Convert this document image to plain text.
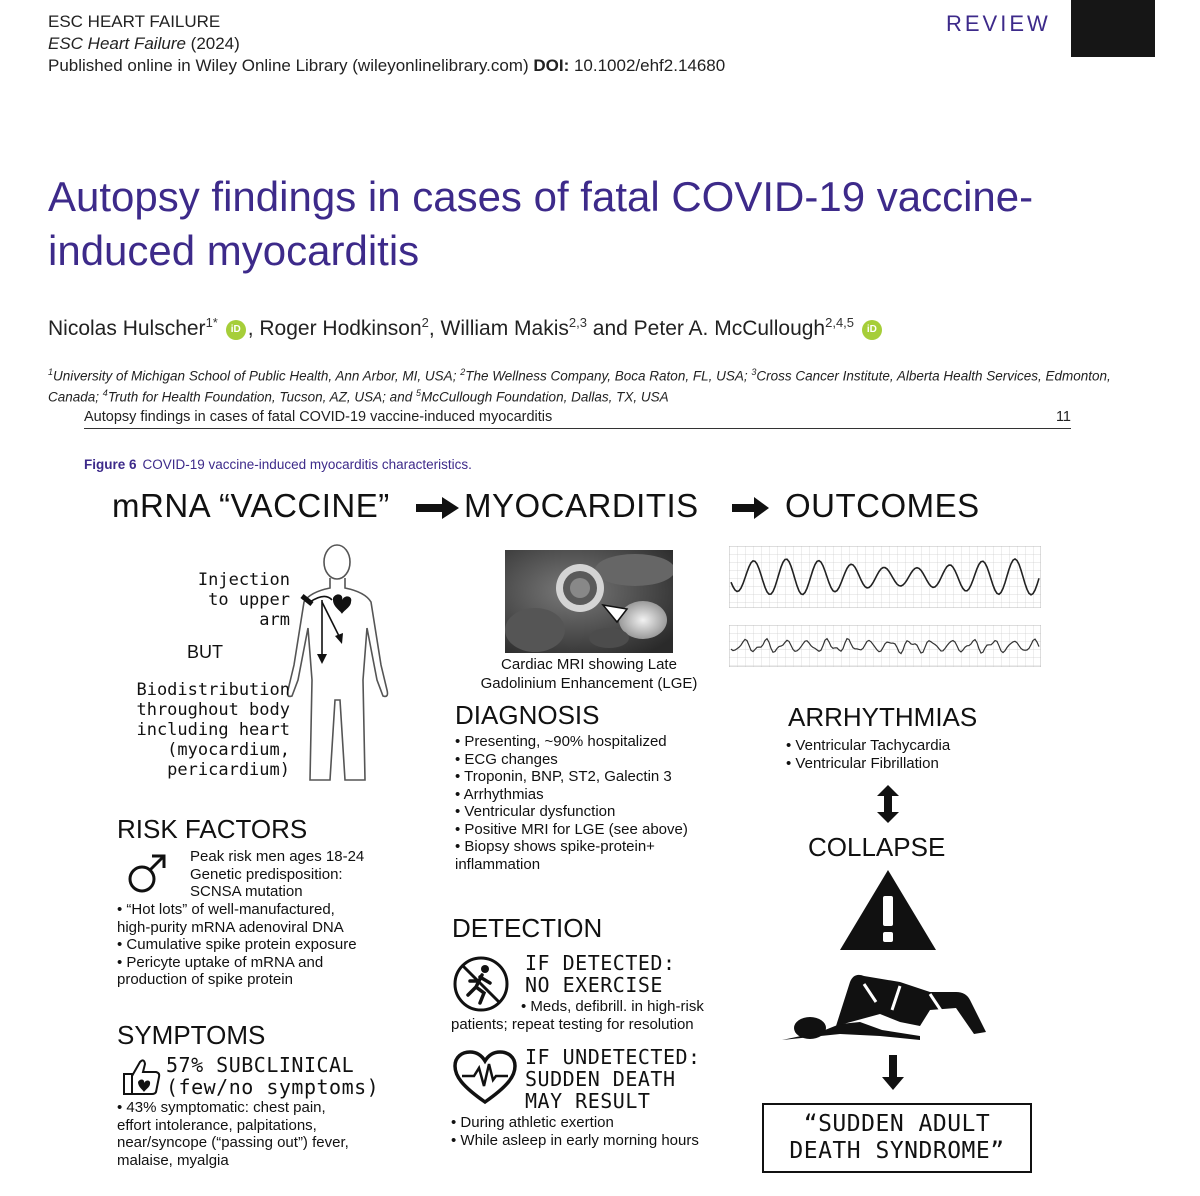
ESC HEART FAILURE
ESC Heart Failure (2024)
Published online in Wiley Online Library (wileyonlinelibrary.com) DOI: 10.1002/ehf2.14680
REVIEW
Autopsy findings in cases of fatal COVID-19 vaccine-induced myocarditis
Nicolas Hulscher$^{1*}$ iD , Roger Hodkinson$^2$, William Makis$^{2,3}$ and Peter A. McCullough$^{2,4,5}$ iD
$^1$University of Michigan School of Public Health, Ann Arbor, MI, USA; $^2$The Wellness Company, Boca Raton, FL, USA; $^3$Cross Cancer Institute, Alberta Health Services, Edmonton, Canada; $^4$Truth for Health Foundation, Tucson, AZ, USA; and $^5$McCullough Foundation, Dallas, TX, USA
Autopsy findings in cases of fatal COVID-19 vaccine-induced myocarditis	11
Figure 6 COVID-19 vaccine-induced myocarditis characteristics.
mRNA “VACCINE” MYOCARDITIS	OUTCOMES
Injection
to upper
arm
BUT
Biodistribution
throughout body
including heart
(myocardium,
pericardium)
RISK FACTORS
Peak risk men ages 18-24
Genetic predisposition:
SCNSA mutation
• “Hot lots” of well-manufactured,
high-purity mRNA adenoviral DNA
• Cumulative spike protein exposure
• Pericyte uptake of mRNA and
production of spike protein
SYMPTOMS
57% SUBCLINICAL
(few/no symptoms)
• 43% symptomatic: chest pain,
effort intolerance, palpitations,
near/syncope (“passing out”) fever,
malaise, myalgia
Cardiac MRI showing Late
Gadolinium Enhancement (LGE)
DIAGNOSIS
• Presenting, ~90% hospitalized
• ECG changes
• Troponin, BNP, ST2, Galectin 3
• Arrhythmias
• Ventricular dysfunction
• Positive MRI for LGE (see above)
• Biopsy shows spike-protein+
inflammation
DETECTION
IF DETECTED:
NO EXERCISE
• Meds, defibrill. in high-risk
patients; repeat testing for resolution
IF UNDETECTED:
SUDDEN DEATH
MAY RESULT
• During athletic exertion
• While asleep in early morning hours
ARRHYTHMIAS
• Ventricular Tachycardia
• Ventricular Fibrillation
COLLAPSE
“SUDDEN ADULT
DEATH SYNDROME”
